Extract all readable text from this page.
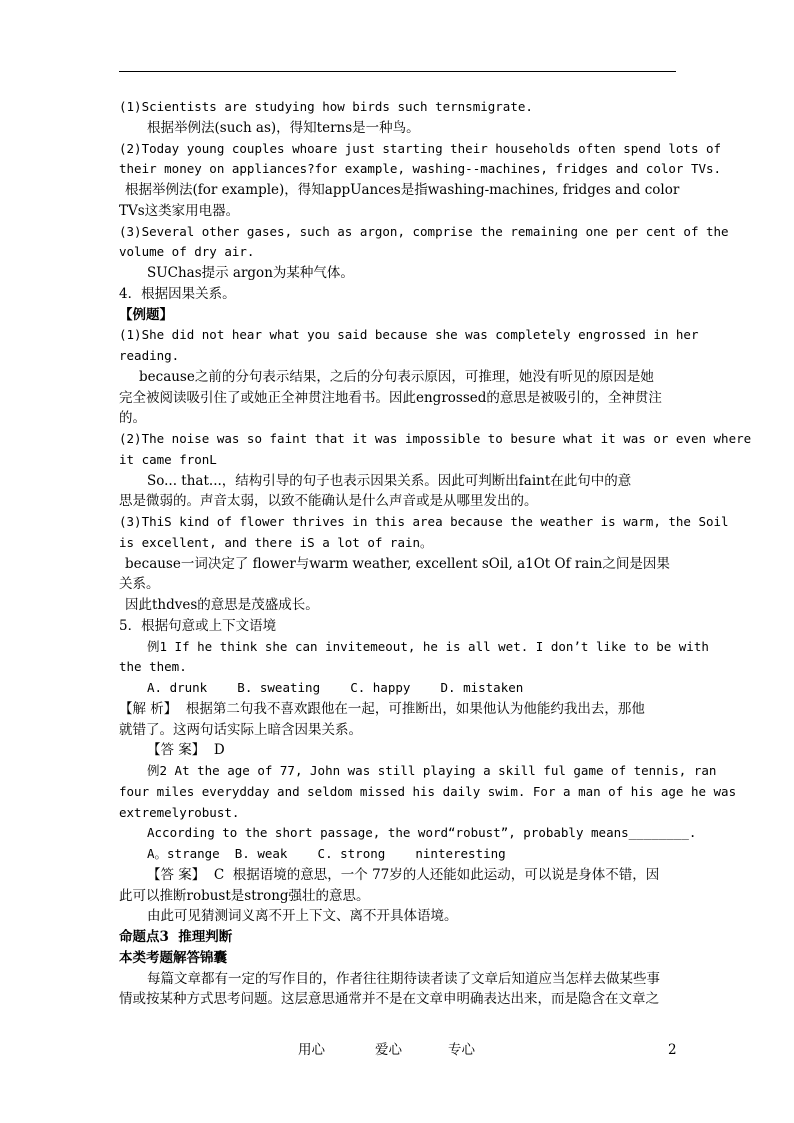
(1)Scientists are studying how birds such ternsmigrate.
根据举例法(such as)，得知terns是一种鸟。
(2)Today young couples whoare just starting their households often spend lots of
their money on appliances?for example, washing--machines, fridges and color TVs.
根据举例法(for example)，得知appUances是指washing-machines, fridges and color
TVs这类家用电器。
(3)Several other gases, such as argon, comprise the remaining one per cent of the
volume of dry air.
SUChas提示 argon为某种气体。
4．根据因果关系。
【例题】
(1)She did not hear what you said because she was completely engrossed in her
reading.
because之前的分句表示结果，之后的分句表示原因，可推理，她没有听见的原因是她
完全被阅读吸引住了或她正全神贯注地看书。因此engrossed的意思是被吸引的，全神贯注
的。
(2)The noise was so faint that it was impossible to besure what it was or even where
it came fronL
So... that...，结构引导的句子也表示因果关系。因此可判断出faint在此句中的意
思是微弱的。声音太弱，以致不能确认是什么声音或是从哪里发出的。
(3)ThiS kind of flower thrives in this area because the weather is warm, the Soil
is excellent, and there iS a lot of rain。
because一词决定了 flower与warm weather, excellent sOil, a1Ot Of rain之间是因果
关系。
因此thdves的意思是茂盛成长。
5．根据句意或上下文语境
例1 If he think she can invitemeout, he is all wet. I don’t like to be with
the them.
A. drunk    B. sweating    C. happy    D. mistaken
【解 析】  根据第二句我不喜欢跟他在一起，可推断出，如果他认为他能约我出去，那他
就错了。这两句话实际上暗含因果关系。
【答 案】  D
例2 At the age of 77, John was still playing a skill ful game of tennis, ran
four miles everydday and seldom missed his daily swim. For a man of his age he was
extremelyrobust.
According to the short passage, the word“robust”, probably means________.
A。strange  B. weak    C. strong    ninteresting
【答 案】  C  根据语境的意思，一个 77岁的人还能如此运动，可以说是身体不错，因
此可以推断robust是strong强壮的意思。
由此可见猜测词义离不开上下文、离不开具体语境。
命题点3  推理判断
本类考题解答锦囊
每篇文章都有一定的写作目的，作者往往期待读者读了文章后知道应当怎样去做某些事
情或按某种方式思考问题。这层意思通常并不是在文章申明确表达出来，而是隐含在文章之
用心	爱心	专心	2
